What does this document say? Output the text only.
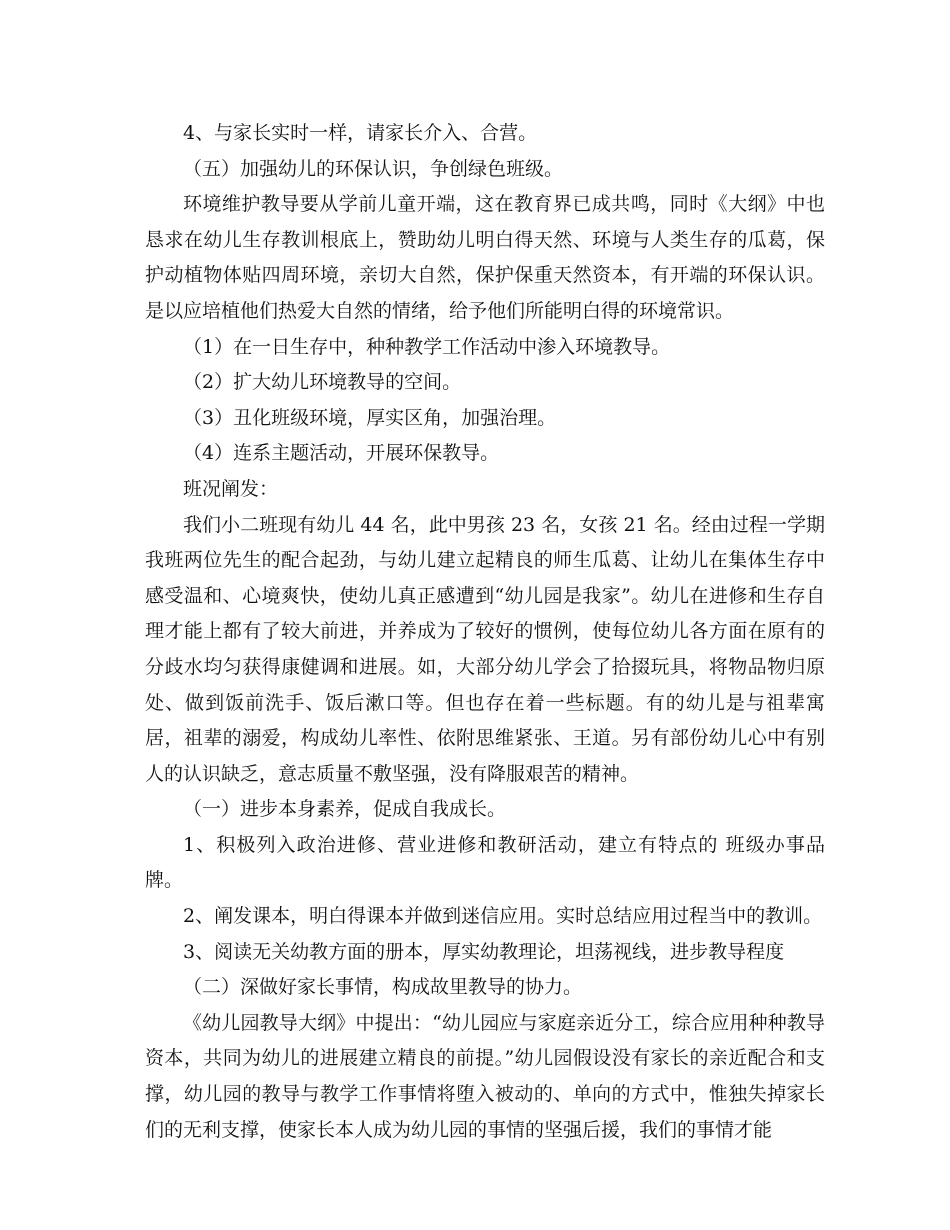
4、与家长实时一样，请家长介入、合营。

（五）加强幼儿的环保认识，争创绿色班级。

环境维护教导要从学前儿童开端，这在教育界已成共鸣，同时《大纲》中也恳求在幼儿生存教训根底上，赞助幼儿明白得天然、环境与人类生存的瓜葛，保护动植物体贴四周环境，亲切大自然，保护保重天然资本，有开端的环保认识。是以应培植他们热爱大自然的情绪，给予他们所能明白得的环境常识。

（1）在一日生存中，种种教学工作活动中渗入环境教导。

（2）扩大幼儿环境教导的空间。

（3）丑化班级环境，厚实区角，加强治理。

（4）连系主题活动，开展环保教导。

班况阐发：

我们小二班现有幼儿 44 名，此中男孩 23 名，女孩 21 名。经由过程一学期我班两位先生的配合起劲，与幼儿建立起精良的师生瓜葛、让幼儿在集体生存中感受温和、心境爽快，使幼儿真正感遭到“幼儿园是我家”。幼儿在进修和生存自理才能上都有了较大前进，并养成为了较好的惯例，使每位幼儿各方面在原有的分歧水均匀获得康健调和进展。如，大部分幼儿学会了拾掇玩具，将物品物归原处、做到饭前洗手、饭后漱口等。但也存在着一些标题。有的幼儿是与祖辈寓居，祖辈的溺爱，构成幼儿率性、依附思维紧张、王道。另有部份幼儿心中有别人的认识缺乏，意志质量不敷坚强，没有降服艰苦的精神。

（一）进步本身素养，促成自我成长。

1、积极列入政治进修、营业进修和教研活动，建立有特点的 班级办事品牌。

2、阐发课本，明白得课本并做到迷信应用。实时总结应用过程当中的教训。

3、阅读无关幼教方面的册本，厚实幼教理论，坦荡视线，进步教导程度

（二）深做好家长事情，构成故里教导的协力。

《幼儿园教导大纲》中提出：“幼儿园应与家庭亲近分工，综合应用种种教导资本，共同为幼儿的进展建立精良的前提。”幼儿园假设没有家长的亲近配合和支撑，幼儿园的教导与教学工作事情将堕入被动的、单向的方式中，惟独失掉家长们的无利支撑，使家长本人成为幼儿园的事情的坚强后援，我们的事情才能
